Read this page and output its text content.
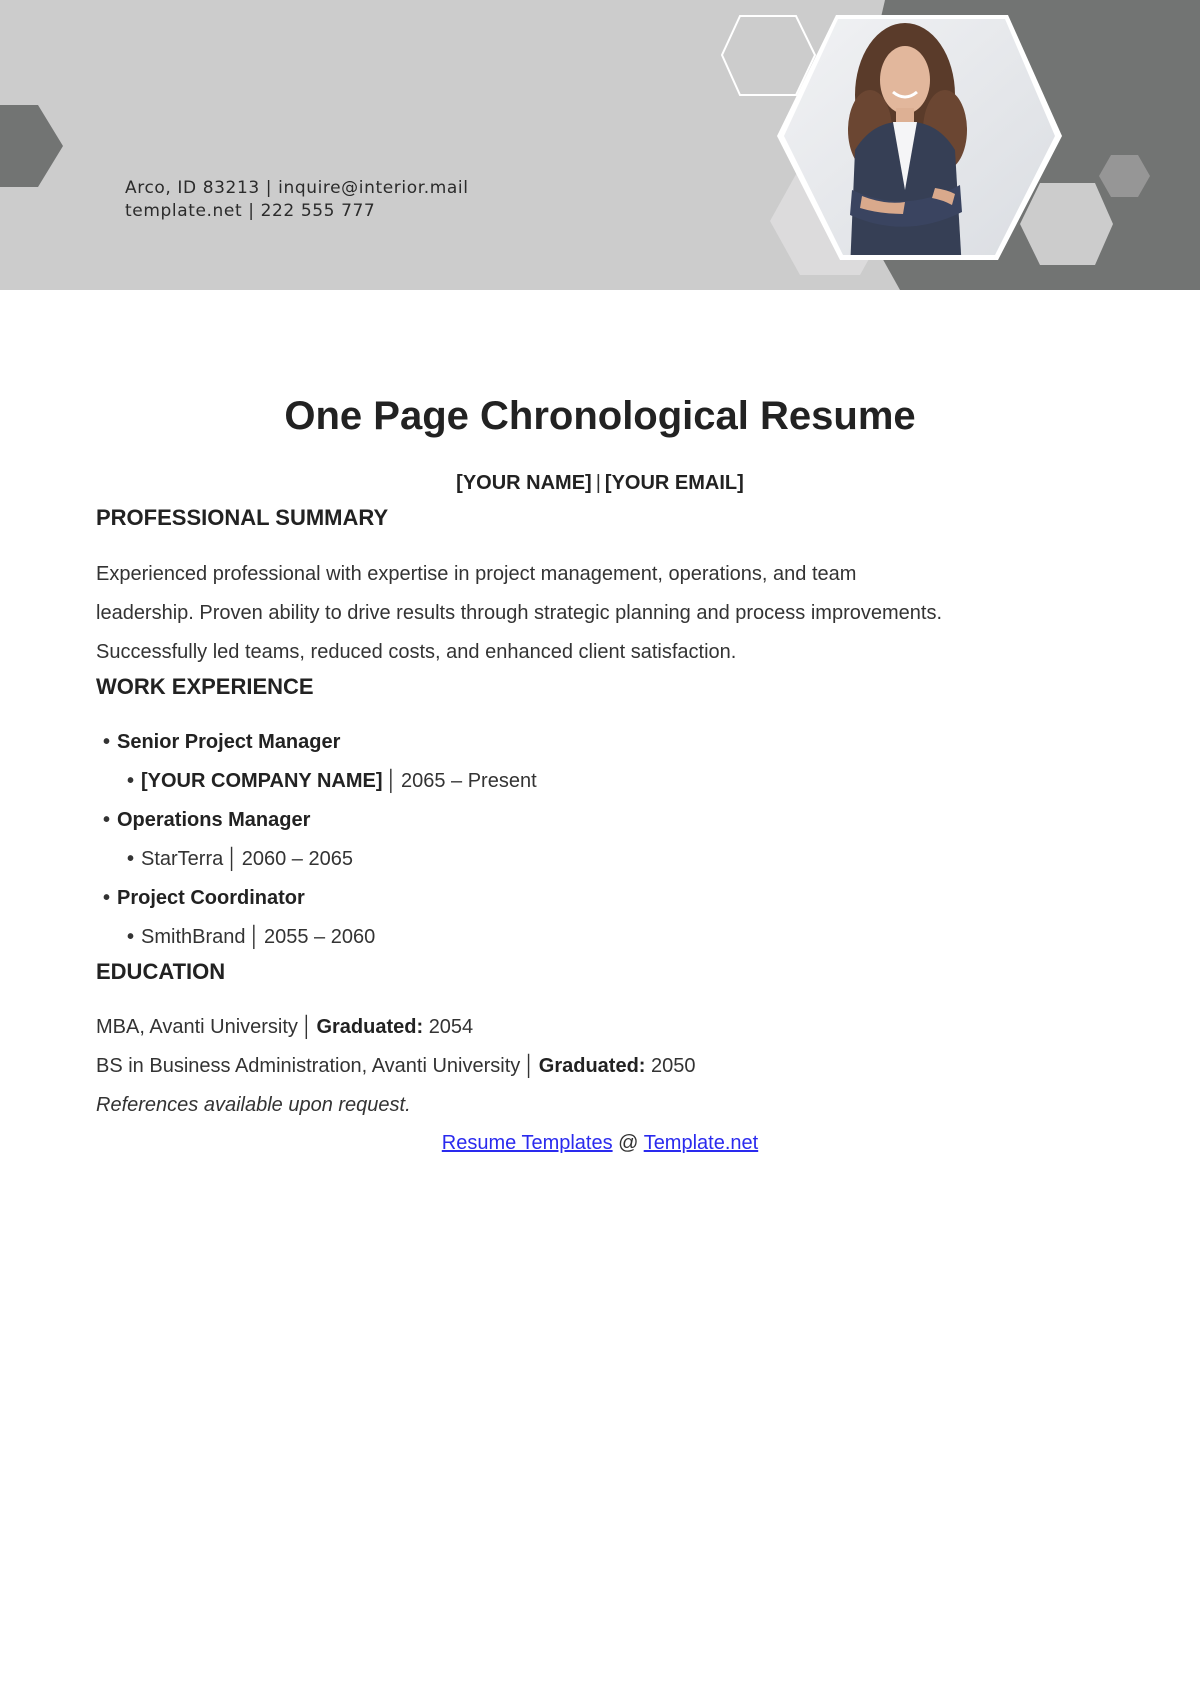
Arco, ID 83213 | inquire@interior.mail
template.net | 222 555 777
One Page Chronological Resume
[YOUR NAME] | [YOUR EMAIL]
PROFESSIONAL SUMMARY
Experienced professional with expertise in project management, operations, and team
leadership. Proven ability to drive results through strategic planning and process improvements.
Successfully led teams, reduced costs, and enhanced client satisfaction.
WORK EXPERIENCE
• Senior Project Manager
• [YOUR COMPANY NAME] │ 2065 – Present
• Operations Manager
• StarTerra │ 2060 – 2065
• Project Coordinator
• SmithBrand │ 2055 – 2060
EDUCATION
MBA, Avanti University │ Graduated: 2054
BS in Business Administration, Avanti University │ Graduated: 2050
References available upon request.
Resume Templates @ Template.net
